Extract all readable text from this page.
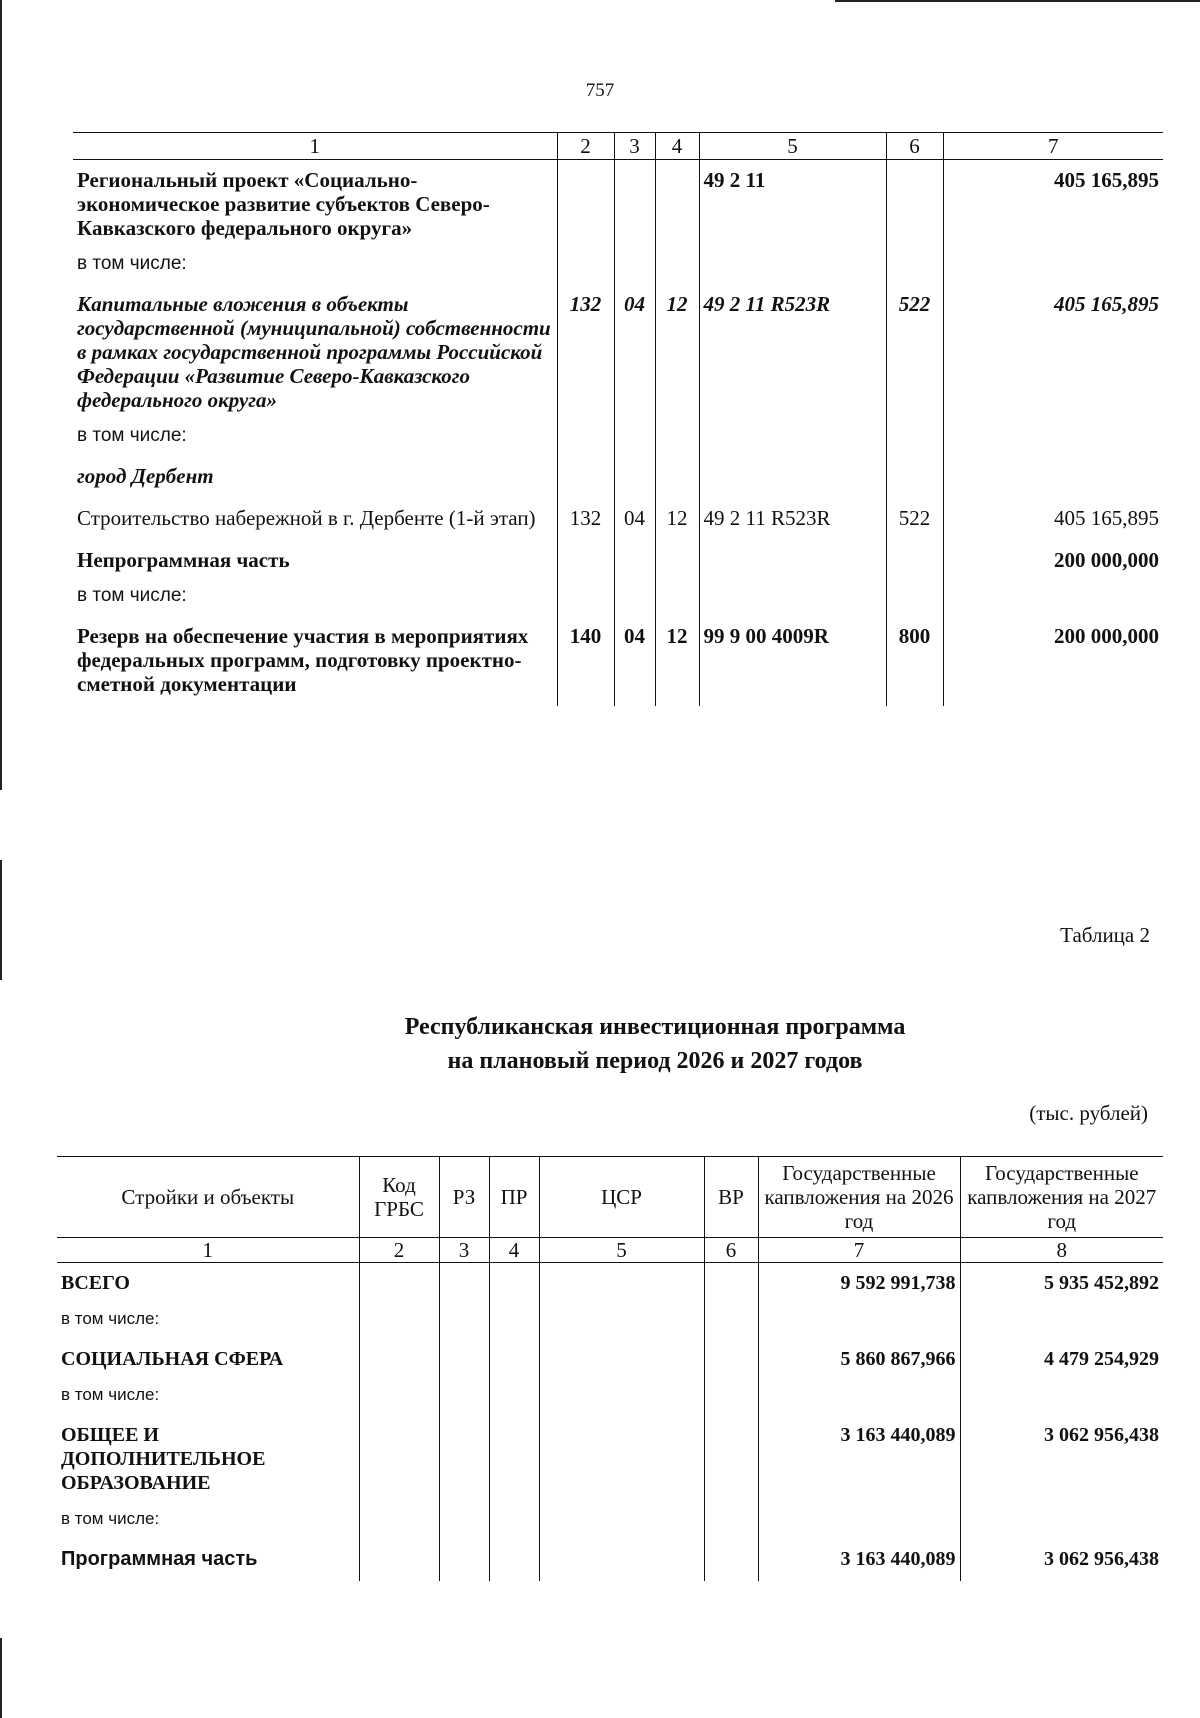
757
1	2	3	4	5	6	7
Региональный проект «Социально-экономическое развитие субъектов Северо-Кавказского федерального округа»				49 2 11		405 165,895
в том числе:						
Капитальные вложения в объекты государственной (муниципальной) собственности в рамках государственной программы Российской Федерации «Развитие Северо-Кавказского федерального округа»	132	04	12	49 2 11 R523R	522	405 165,895
в том числе:						
город Дербент						
Строительство набережной в г. Дербенте (1-й этап)	132	04	12	49 2 11 R523R	522	405 165,895
Непрограммная часть						200 000,000
в том числе:						
Резерв на обеспечение участия в мероприятиях федеральных программ, подготовку проектно-сметной документации	140	04	12	99 9 00 4009R	800	200 000,000
Таблица 2
Республиканская инвестиционная программа
на плановый период 2026 и 2027 годов
(тыс. рублей)
Стройки и объекты	Код ГРБС	РЗ	ПР	ЦСР	ВР	Государственные капвложения на 2026 год	Государственные капвложения на 2027 год
1	2	3	4	5	6	7	8
ВСЕГО						9 592 991,738	5 935 452,892
в том числе:							
СОЦИАЛЬНАЯ СФЕРА						5 860 867,966	4 479 254,929
в том числе:							
ОБЩЕЕ И ДОПОЛНИТЕЛЬНОЕ ОБРАЗОВАНИЕ						3 163 440,089	3 062 956,438
в том числе:							
Программная часть						3 163 440,089	3 062 956,438
